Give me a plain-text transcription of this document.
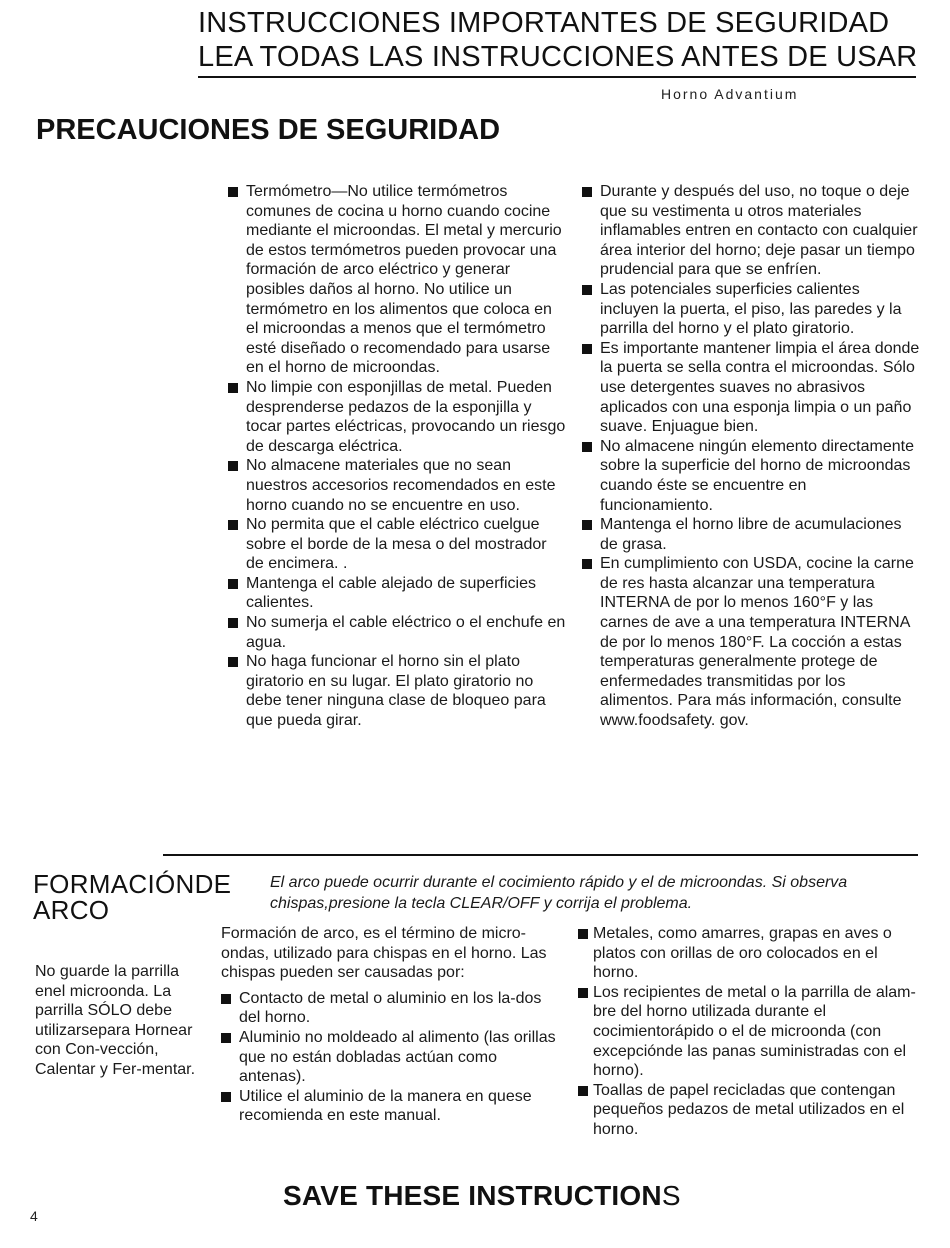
INSTRUCCIONES IMPORTANTES DE SEGURIDAD
LEA TODAS LAS INSTRUCCIONES ANTES DE USAR
Horno Advantium
PRECAUCIONES DE SEGURIDAD

Termómetro—No utilice termómetros comunes de cocina u horno cuando cocine mediante el microondas. El metal y mercurio de estos termómetros pueden provocar una formación de arco eléctrico y generar posibles daños al horno. No utilice un termómetro en los alimentos que coloca en el microondas a menos que el termómetro esté diseñado o recomendado para usarse en el horno de microondas.

No limpie con esponjillas de metal. Pueden desprenderse pedazos de la esponjilla y tocar partes eléctricas, provocando un riesgo de descarga eléctrica.

No almacene materiales que no sean nuestros accesorios recomendados en este horno cuando no se encuentre en uso.

No permita que el cable eléctrico cuelgue sobre el borde de la mesa o del mostrador de encimera. .

Mantenga el cable alejado de superficies calientes.

No sumerja el cable eléctrico o el enchufe en agua.

No haga funcionar el horno sin el plato giratorio en su lugar. El plato giratorio no debe tener ninguna clase de bloqueo para que pueda girar.

Durante y después del uso, no toque o deje que su vestimenta u otros materiales inflamables entren en contacto con cualquier área interior del horno; deje pasar un tiempo prudencial para que se enfríen.

Las potenciales superficies calientes incluyen la puerta, el piso, las paredes y la parrilla del horno y el plato giratorio.

Es importante mantener limpia el área donde la puerta se sella contra el microondas. Sólo use detergentes suaves no abrasivos aplicados con una esponja limpia o un paño suave. Enjuague bien.

No almacene ningún elemento directamente sobre la superficie del horno de microondas cuando éste se encuentre en funcionamiento.

Mantenga el horno libre de acumulaciones de grasa.

En cumplimiento con USDA, cocine la carne de res hasta alcanzar una temperatura INTERNA de por lo menos 160°F y las carnes de ave a una temperatura INTERNA de por lo menos 180°F. La cocción a estas temperaturas generalmente protege de enfermedades transmitidas por los alimentos. Para más información, consulte www.foodsafety. gov.

FORMACIÓNDE
ARCO
El arco puede ocurrir durante el cocimiento rápido y el de microondas. Si observa chispas,presione la tecla CLEAR/OFF y corrija el problema.

No guarde la parrilla enel microonda. La parrilla SÓLO debe utilizarsepara Hornear con Con-vección, Calentar y Fer-mentar.

Formación de arco, es el término de micro-ondas, utilizado para chispas en el horno. Las chispas pueden ser causadas por:

Contacto de metal o aluminio en los la-dos del horno.

Aluminio no moldeado al alimento (las orillas que no están dobladas actúan como antenas).

Utilice el aluminio de la manera en quese recomienda en este manual.

Metales, como amarres, grapas en aves o platos con orillas de oro colocados en el horno.

Los recipientes de metal o la parrilla de alam-bre del horno utilizada durante el cocimientorápido o el de microonda (con excepciónde las panas suministradas con el horno).

Toallas de papel recicladas que contengan pequeños pedazos de metal utilizados en el horno.

SAVE THESE INSTRUCTIONS
4
